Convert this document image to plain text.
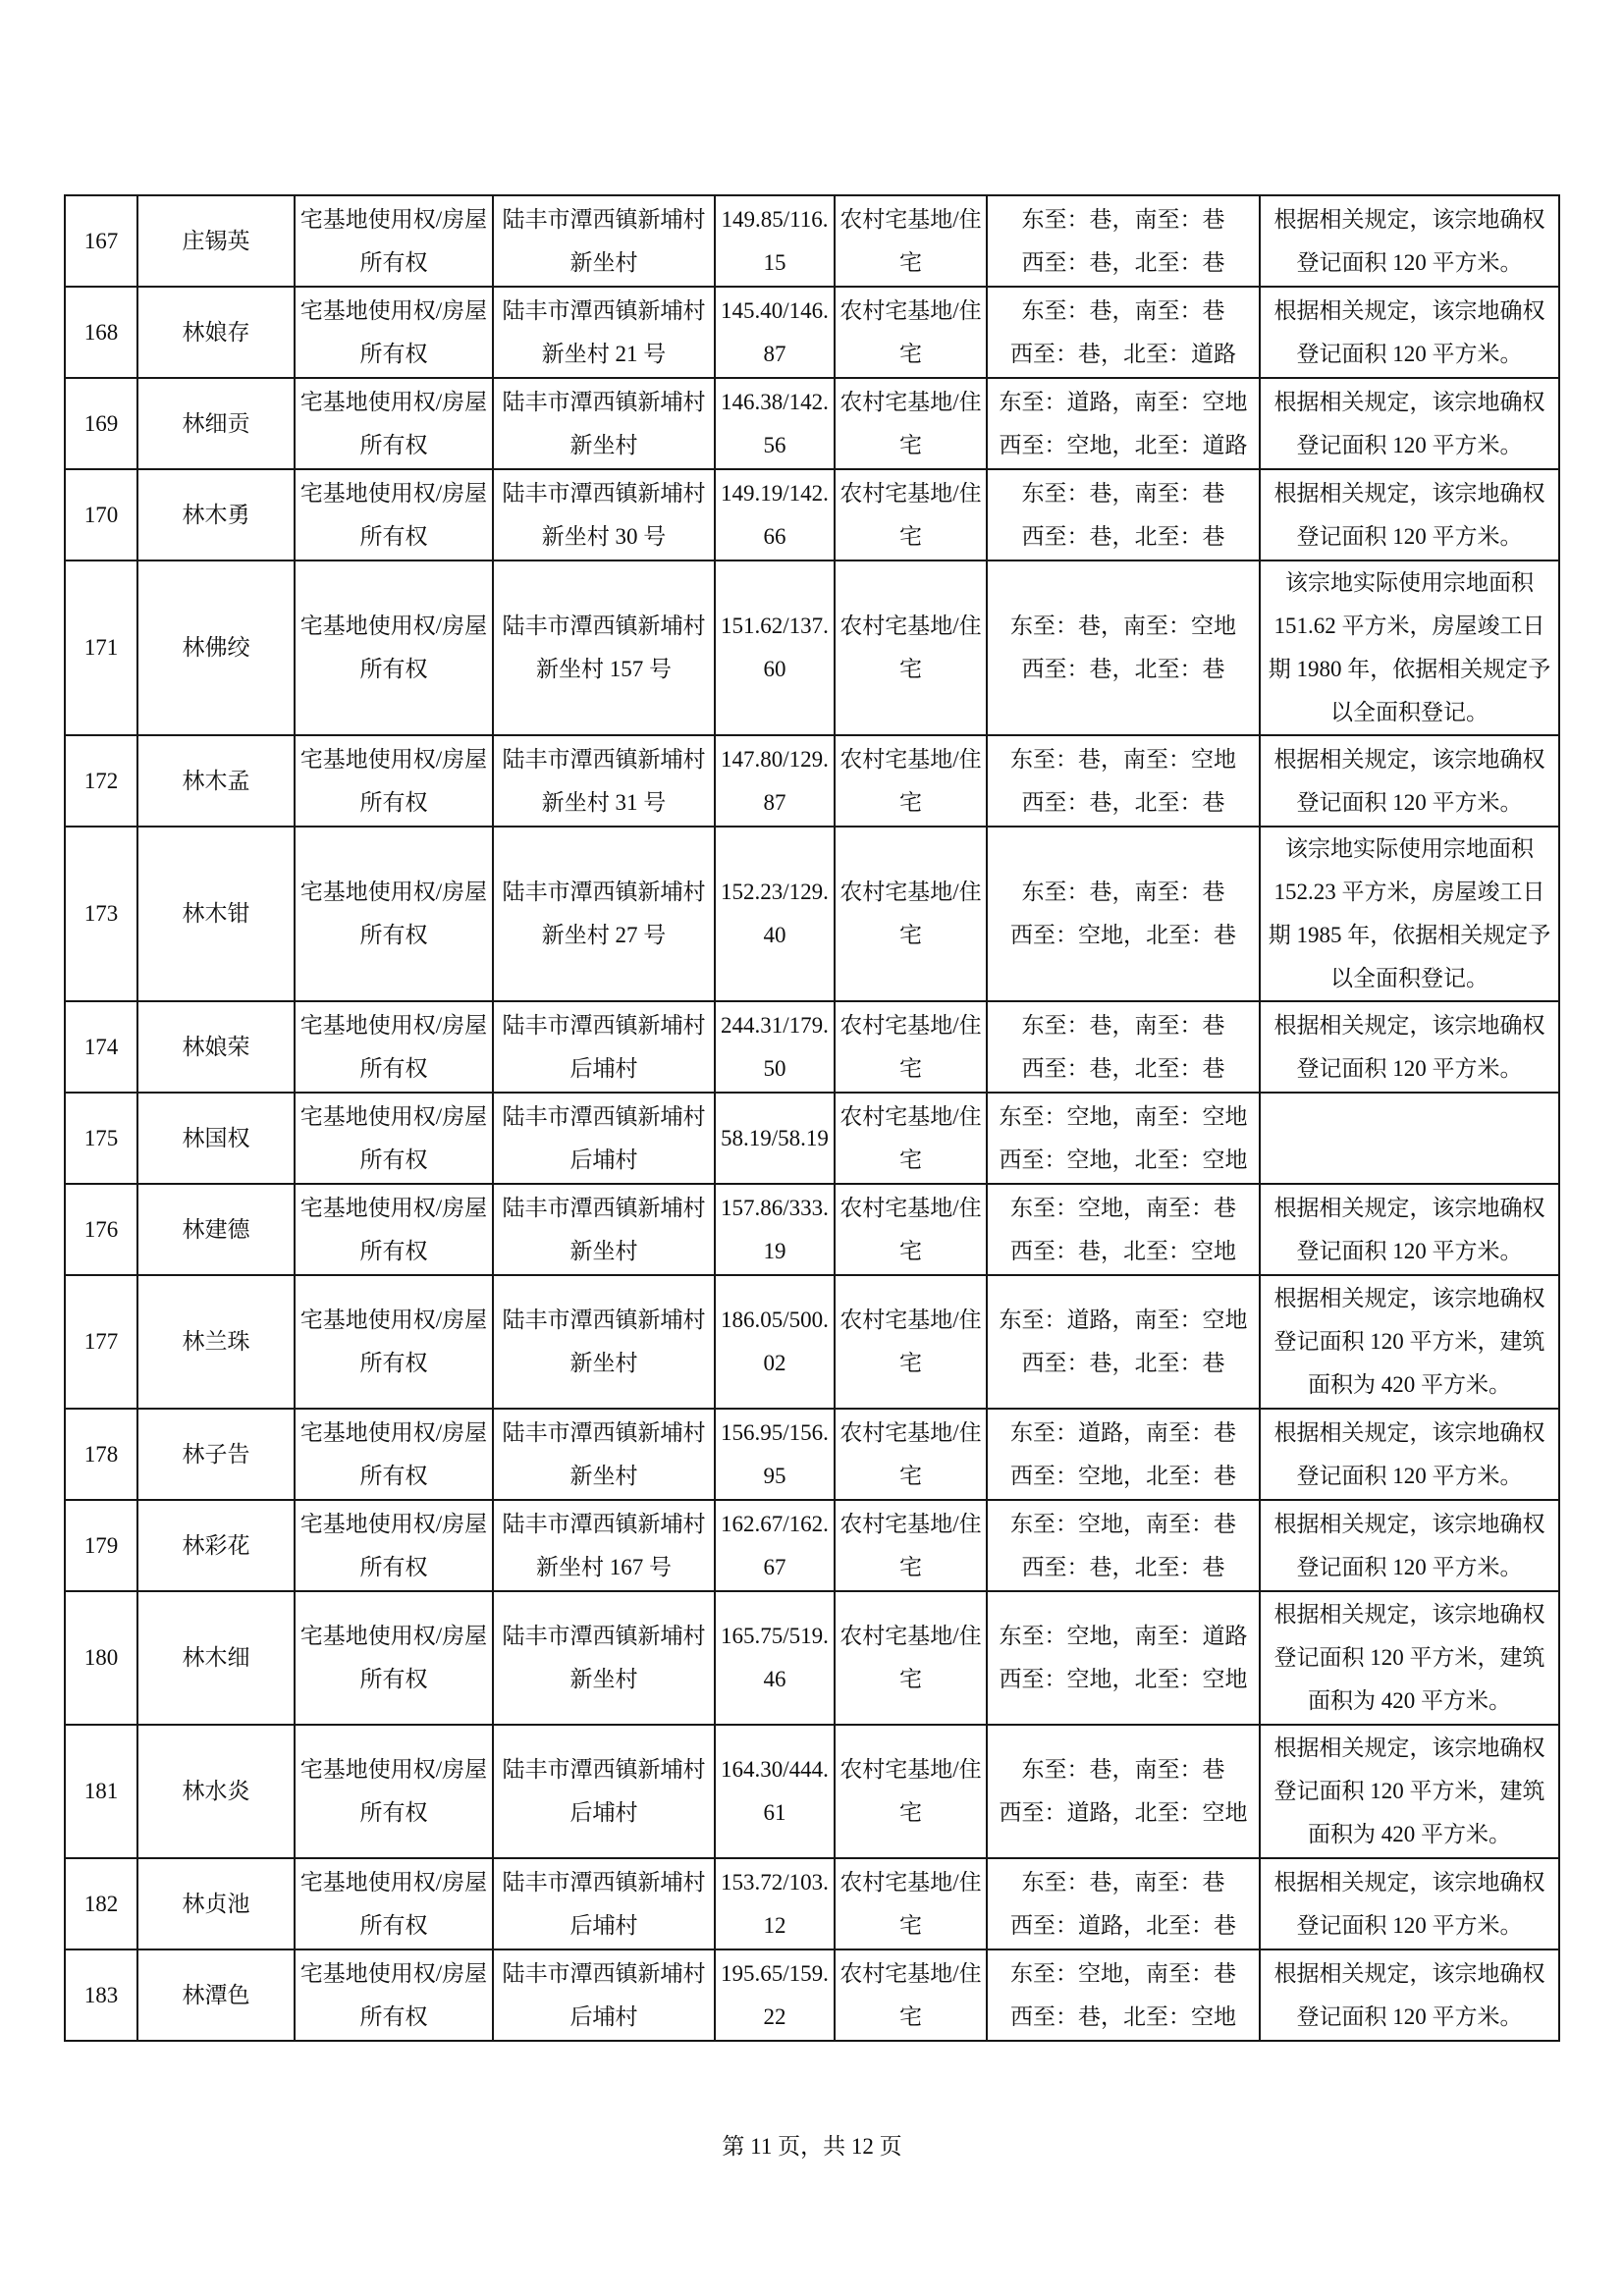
167	庄锡英	宅基地使用权/房屋所有权	陆丰市潭西镇新埔村新坐村	149.85/116.15	农村宅基地/住宅	东至：巷，南至：巷
西至：巷，北至：巷	根据相关规定，该宗地确权登记面积 120 平方米。
168	林娘存	宅基地使用权/房屋所有权	陆丰市潭西镇新埔村新坐村 21 号	145.40/146.87	农村宅基地/住宅	东至：巷，南至：巷
西至：巷，北至：道路	根据相关规定，该宗地确权登记面积 120 平方米。
169	林细贡	宅基地使用权/房屋所有权	陆丰市潭西镇新埔村新坐村	146.38/142.56	农村宅基地/住宅	东至：道路，南至：空地
西至：空地，北至：道路	根据相关规定，该宗地确权登记面积 120 平方米。
170	林木勇	宅基地使用权/房屋所有权	陆丰市潭西镇新埔村新坐村 30 号	149.19/142.66	农村宅基地/住宅	东至：巷，南至：巷
西至：巷，北至：巷	根据相关规定，该宗地确权登记面积 120 平方米。
171	林佛绞	宅基地使用权/房屋所有权	陆丰市潭西镇新埔村新坐村 157 号	151.62/137.60	农村宅基地/住宅	东至：巷，南至：空地
西至：巷，北至：巷	该宗地实际使用宗地面积 151.62 平方米，房屋竣工日期 1980 年，依据相关规定予以全面积登记。
172	林木孟	宅基地使用权/房屋所有权	陆丰市潭西镇新埔村新坐村 31 号	147.80/129.87	农村宅基地/住宅	东至：巷，南至：空地
西至：巷，北至：巷	根据相关规定，该宗地确权登记面积 120 平方米。
173	林木钳	宅基地使用权/房屋所有权	陆丰市潭西镇新埔村新坐村 27 号	152.23/129.40	农村宅基地/住宅	东至：巷，南至：巷
西至：空地，北至：巷	该宗地实际使用宗地面积 152.23 平方米，房屋竣工日期 1985 年，依据相关规定予以全面积登记。
174	林娘荣	宅基地使用权/房屋所有权	陆丰市潭西镇新埔村后埔村	244.31/179.50	农村宅基地/住宅	东至：巷，南至：巷
西至：巷，北至：巷	根据相关规定，该宗地确权登记面积 120 平方米。
175	林国权	宅基地使用权/房屋所有权	陆丰市潭西镇新埔村后埔村	58.19/58.19	农村宅基地/住宅	东至：空地，南至：空地
西至：空地，北至：空地	

176	林建德	宅基地使用权/房屋所有权	陆丰市潭西镇新埔村新坐村	157.86/333.19	农村宅基地/住宅	东至：空地，南至：巷
西至：巷，北至：空地	根据相关规定，该宗地确权登记面积 120 平方米。
177	林兰珠	宅基地使用权/房屋所有权	陆丰市潭西镇新埔村新坐村	186.05/500.02	农村宅基地/住宅	东至：道路，南至：空地
西至：巷，北至：巷	根据相关规定，该宗地确权登记面积 120 平方米，建筑面积为 420 平方米。
178	林子告	宅基地使用权/房屋所有权	陆丰市潭西镇新埔村新坐村	156.95/156.95	农村宅基地/住宅	东至：道路，南至：巷
西至：空地，北至：巷	根据相关规定，该宗地确权登记面积 120 平方米。
179	林彩花	宅基地使用权/房屋所有权	陆丰市潭西镇新埔村新坐村 167 号	162.67/162.67	农村宅基地/住宅	东至：空地，南至：巷
西至：巷，北至：巷	根据相关规定，该宗地确权登记面积 120 平方米。
180	林木细	宅基地使用权/房屋所有权	陆丰市潭西镇新埔村新坐村	165.75/519.46	农村宅基地/住宅	东至：空地，南至：道路
西至：空地，北至：空地	根据相关规定，该宗地确权登记面积 120 平方米，建筑面积为 420 平方米。
181	林水炎	宅基地使用权/房屋所有权	陆丰市潭西镇新埔村后埔村	164.30/444.61	农村宅基地/住宅	东至：巷，南至：巷
西至：道路，北至：空地	根据相关规定，该宗地确权登记面积 120 平方米，建筑面积为 420 平方米。
182	林贞池	宅基地使用权/房屋所有权	陆丰市潭西镇新埔村后埔村	153.72/103.12	农村宅基地/住宅	东至：巷，南至：巷
西至：道路，北至：巷	根据相关规定，该宗地确权登记面积 120 平方米。
183	林潭色	宅基地使用权/房屋所有权	陆丰市潭西镇新埔村后埔村	195.65/159.22	农村宅基地/住宅	东至：空地，南至：巷
西至：巷，北至：空地	根据相关规定，该宗地确权登记面积 120 平方米。
第 11 页，共 12 页
